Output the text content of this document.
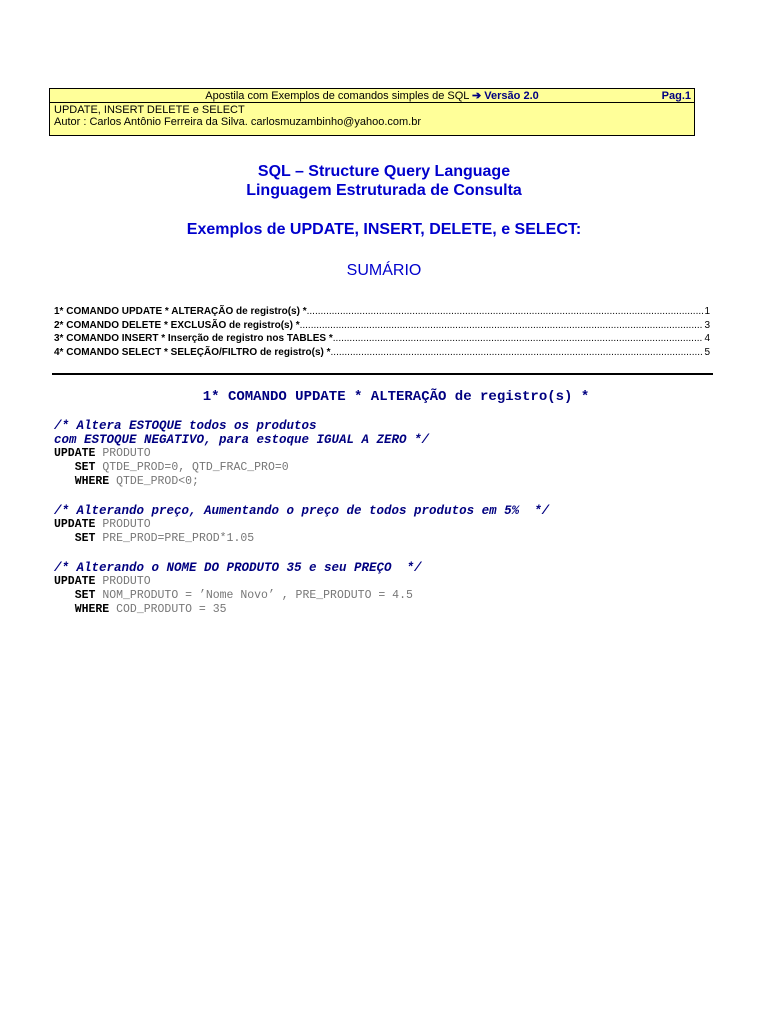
Apostila com Exemplos de comandos simples de SQL ➔ Versão 2.0	Pag.1
UPDATE, INSERT DELETE e SELECT
Autor : Carlos Antônio Ferreira da Silva. carlosmuzambinho@yahoo.com.br
SQL – Structure Query Language
Linguagem Estruturada de Consulta
Exemplos de UPDATE, INSERT, DELETE, e SELECT:
SUMÁRIO
1* COMANDO UPDATE * ALTERAÇÃO de registro(s) * .....	1
2* COMANDO DELETE * EXCLUSÃO de registro(s) * .....	3
3* COMANDO INSERT * Inserção de registro nos TABLES * .....	4
4* COMANDO SELECT * SELEÇÃO/FILTRO de registro(s) * .....	5
1* COMANDO UPDATE * ALTERAÇÃO de registro(s) *
/* Altera ESTOQUE todos os produtos
com ESTOQUE NEGATIVO, para estoque IGUAL A ZERO */
UPDATE PRODUTO
SET QTDE_PROD=0, QTD_FRAC_PRO=0
WHERE QTDE_PROD<0;
/* Alterando preço, Aumentando o preço de todos produtos em 5%  */
UPDATE PRODUTO
SET PRE_PROD=PRE_PROD*1.05
/* Alterando o NOME DO PRODUTO 35 e seu PREÇO  */
UPDATE PRODUTO
SET NOM_PRODUTO = ’Nome Novo’ , PRE_PRODUTO = 4.5
WHERE COD_PRODUTO = 35
